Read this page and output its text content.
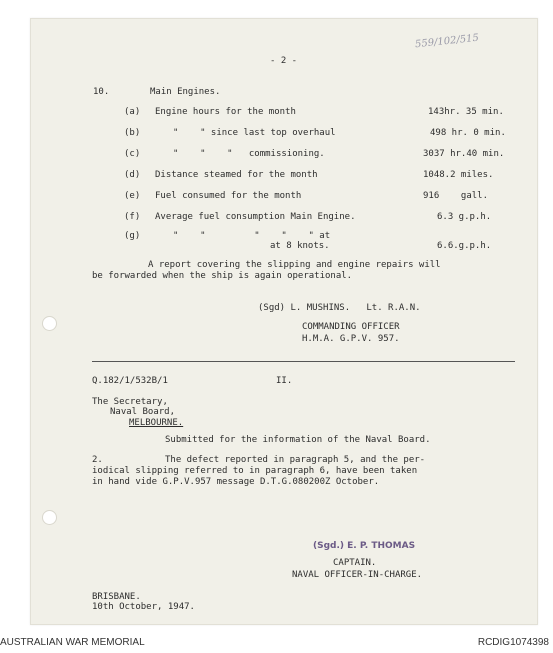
559/102/515
- 2 -
10.	Main Engines.
(a) Engine hours for the month	143hr. 35 min.
(b)	"    " since last top overhaul	498 hr. 0 min.
(c)	"    "    "   commissioning.	3037 hr.40 min.
(d) Distance steamed for the month	1048.2 miles.
(e) Fuel consumed for the month	916    gall.
(f) Average fuel consumption Main Engine.	6.3 g.p.h.
(g)	"    "         "    "    " at
at 8 knots.	6.6.g.p.h.
A report covering the slipping and engine repairs will
be forwarded when the ship is again operational.
(Sgd) L. MUSHINS.   Lt. R.A.N.
COMMANDING OFFICER
H.M.A. G.P.V. 957.
Q.182/1/532B/1	II.
The Secretary,
Naval Board,
MELBOURNE.
Submitted for the information of the Naval Board.
2.	The defect reported in paragraph 5, and the per-
iodical slipping referred to in paragraph 6, have been taken
in hand vide G.P.V.957 message D.T.G.080200Z October.
(Sgd.) E. P. THOMAS
CAPTAIN.
NAVAL OFFICER-IN-CHARGE.
BRISBANE.
10th October, 1947.
AUSTRALIAN WAR MEMORIAL	RCDIG1074398
